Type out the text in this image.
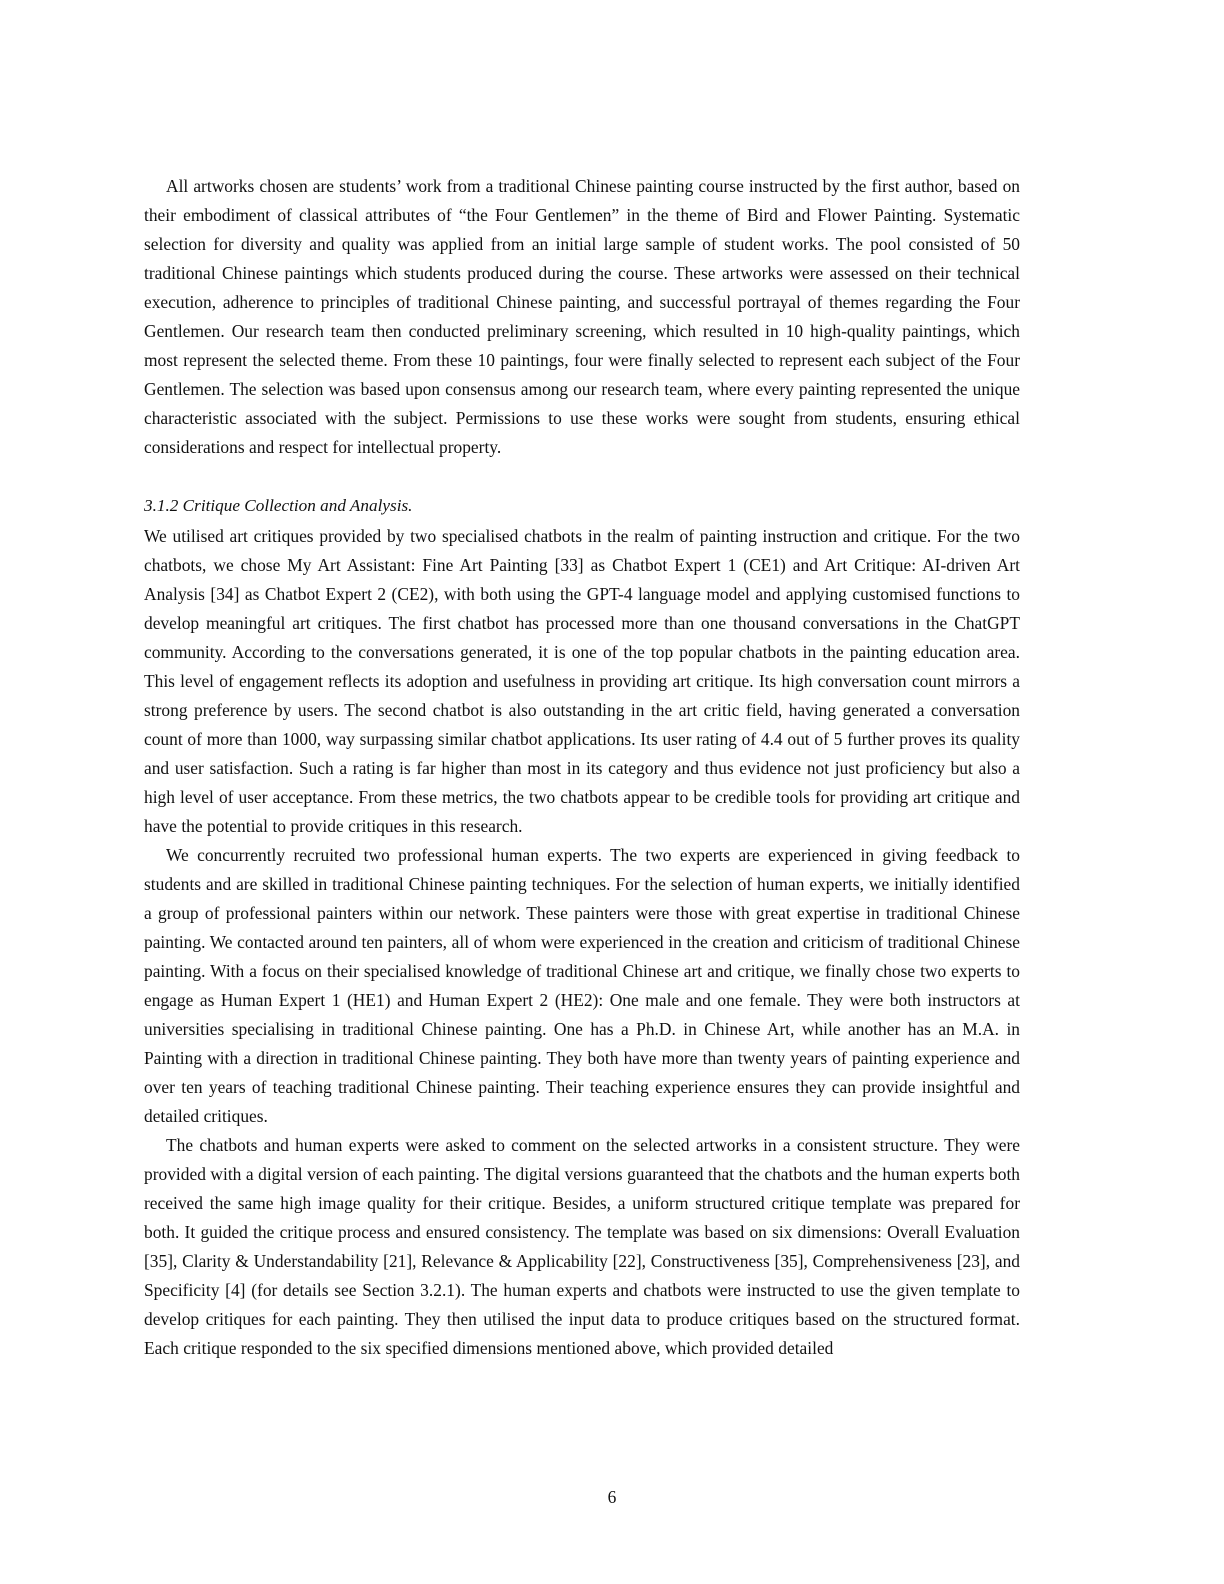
All artworks chosen are students’ work from a traditional Chinese painting course instructed by the first author, based on their embodiment of classical attributes of “the Four Gentlemen” in the theme of Bird and Flower Painting. Systematic selection for diversity and quality was applied from an initial large sample of student works. The pool consisted of 50 traditional Chinese paintings which students produced during the course. These artworks were assessed on their technical execution, adherence to principles of traditional Chinese painting, and successful portrayal of themes regarding the Four Gentlemen. Our research team then conducted preliminary screening, which resulted in 10 high-quality paintings, which most represent the selected theme. From these 10 paintings, four were finally selected to represent each subject of the Four Gentlemen. The selection was based upon consensus among our research team, where every painting represented the unique characteristic associated with the subject. Permissions to use these works were sought from students, ensuring ethical considerations and respect for intellectual property.

3.1.2 Critique Collection and Analysis.

We utilised art critiques provided by two specialised chatbots in the realm of painting instruction and critique. For the two chatbots, we chose My Art Assistant: Fine Art Painting [33] as Chatbot Expert 1 (CE1) and Art Critique: AI-driven Art Analysis [34] as Chatbot Expert 2 (CE2), with both using the GPT-4 language model and applying customised functions to develop meaningful art critiques. The first chatbot has processed more than one thousand conversations in the ChatGPT community. According to the conversations generated, it is one of the top popular chatbots in the painting education area. This level of engagement reflects its adoption and usefulness in providing art critique. Its high conversation count mirrors a strong preference by users. The second chatbot is also outstanding in the art critic field, having generated a conversation count of more than 1000, way surpassing similar chatbot applications. Its user rating of 4.4 out of 5 further proves its quality and user satisfaction. Such a rating is far higher than most in its category and thus evidence not just proficiency but also a high level of user acceptance. From these metrics, the two chatbots appear to be credible tools for providing art critique and have the potential to provide critiques in this research.

We concurrently recruited two professional human experts. The two experts are experienced in giving feedback to students and are skilled in traditional Chinese painting techniques. For the selection of human experts, we initially identified a group of professional painters within our network. These painters were those with great expertise in traditional Chinese painting. We contacted around ten painters, all of whom were experienced in the creation and criticism of traditional Chinese painting. With a focus on their specialised knowledge of traditional Chinese art and critique, we finally chose two experts to engage as Human Expert 1 (HE1) and Human Expert 2 (HE2): One male and one female. They were both instructors at universities specialising in traditional Chinese painting. One has a Ph.D. in Chinese Art, while another has an M.A. in Painting with a direction in traditional Chinese painting. They both have more than twenty years of painting experience and over ten years of teaching traditional Chinese painting. Their teaching experience ensures they can provide insightful and detailed critiques.

The chatbots and human experts were asked to comment on the selected artworks in a consistent structure. They were provided with a digital version of each painting. The digital versions guaranteed that the chatbots and the human experts both received the same high image quality for their critique. Besides, a uniform structured critique template was prepared for both. It guided the critique process and ensured consistency. The template was based on six dimensions: Overall Evaluation [35], Clarity & Understandability [21], Relevance & Applicability [22], Constructiveness [35], Comprehensiveness [23], and Specificity [4] (for details see Section 3.2.1). The human experts and chatbots were instructed to use the given template to develop critiques for each painting. They then utilised the input data to produce critiques based on the structured format. Each critique responded to the six specified dimensions mentioned above, which provided detailed

6
